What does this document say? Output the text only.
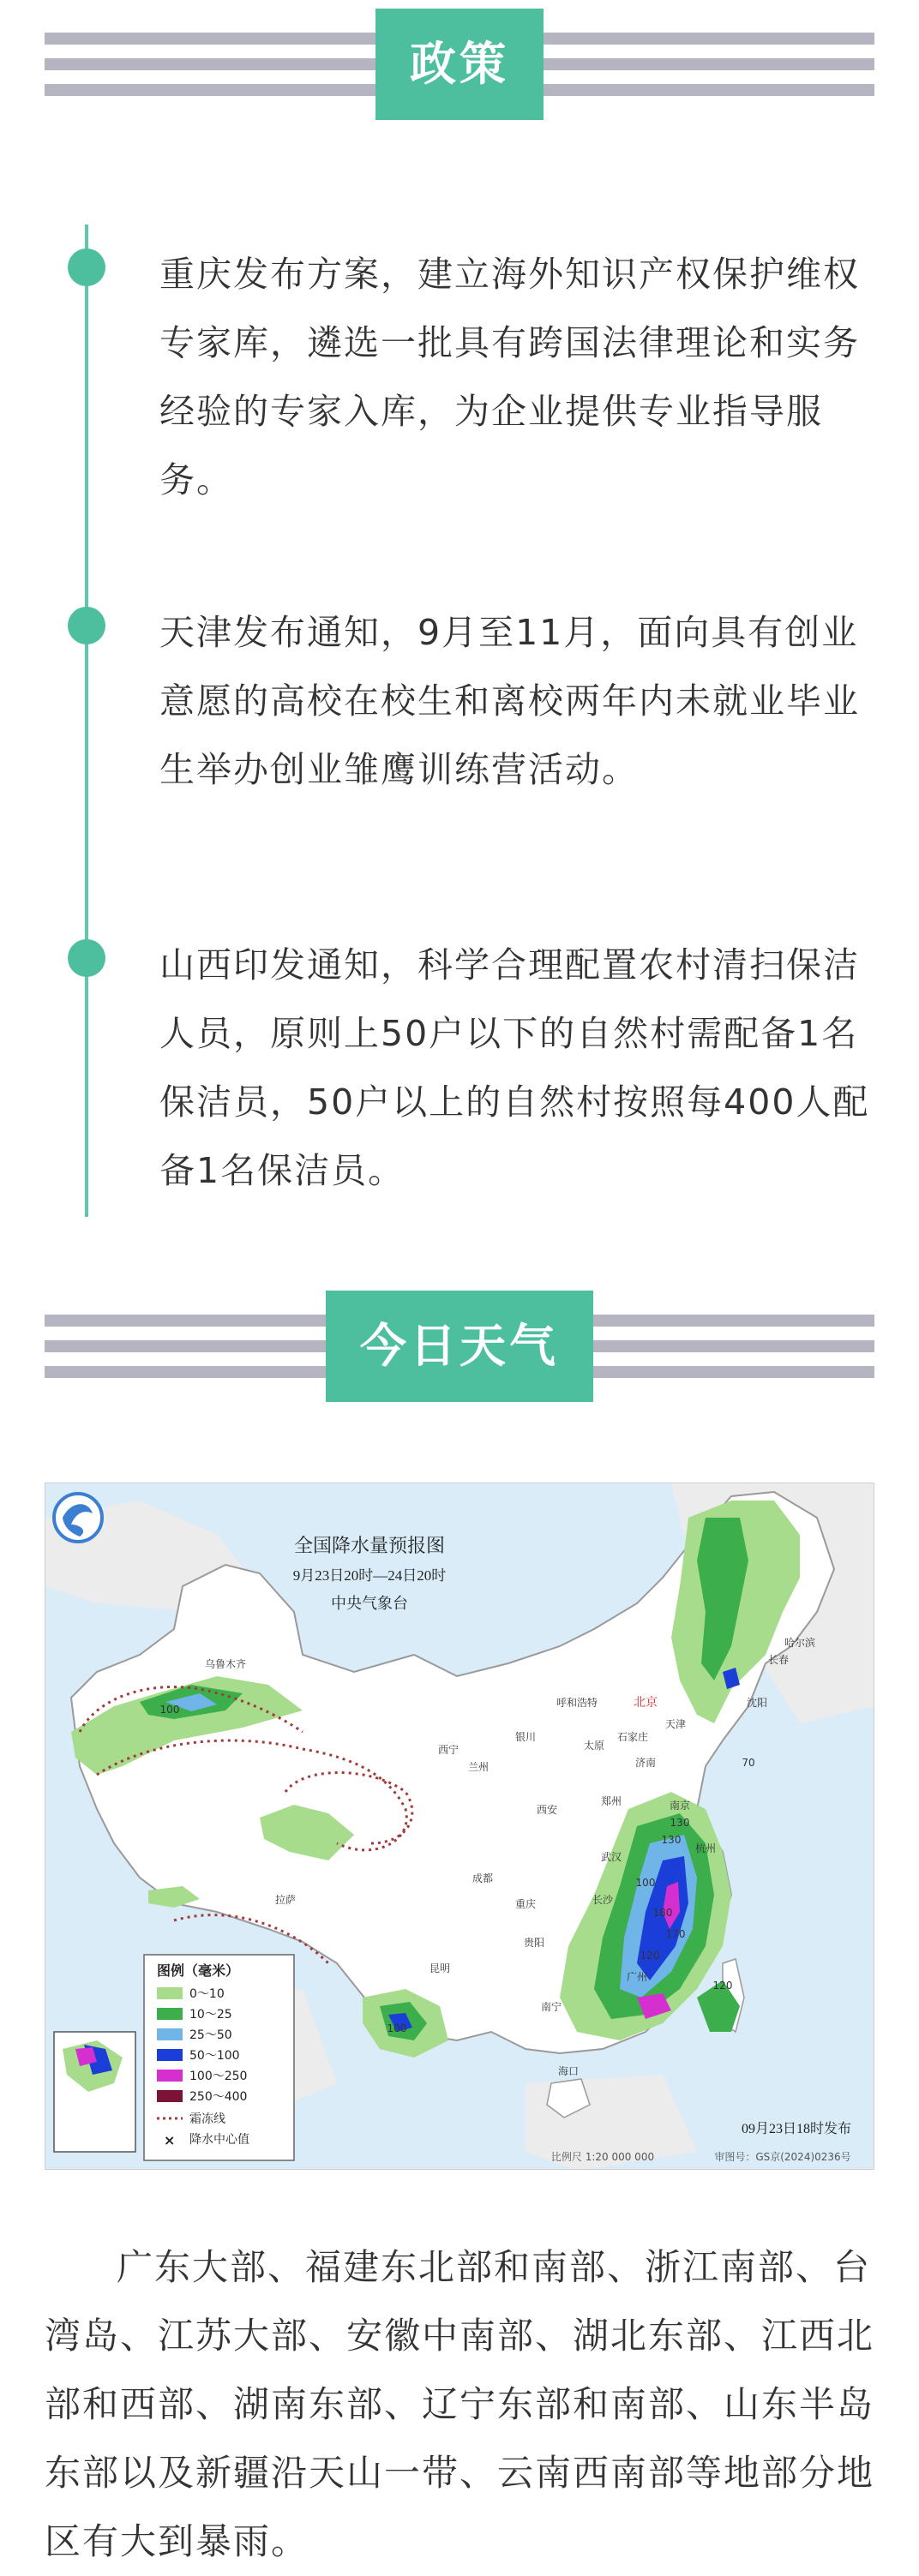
政策

重庆发布方案，建立海外知识产权保护维权专家库，遴选一批具有跨国法律理论和实务经验的专家入库，为企业提供专业指导服务。

天津发布通知，9月至11月，面向具有创业意愿的高校在校生和离校两年内未就业毕业生举办创业雏鹰训练营活动。

山西印发通知，科学合理配置农村清扫保洁人员，原则上50户以下的自然村需配备1名保洁员，50户以上的自然村按照每400人配备1名保洁员。

今日天气
全国降水量预报图
9月23日20时—24日20时
中央气象台
北京
哈尔滨
长春
沈阳
呼和浩特
天津
石家庄
太原
济南
郑州
西安
兰州
西宁
银川
拉萨
成都
重庆
武汉
长沙
南京
杭州
贵阳
昆明
南宁
乌鲁木齐
广州
海口
70
130
130
100
180
170
120
120
100
100
图例（毫米）
0～10
10～25
25～50
50～100
100～250
250～400
霜冻线
× 降水中心值
09月23日18时发布
比例尺 1:20 000 000	审图号：GS京(2024)0236号

广东大部、福建东北部和南部、浙江南部、台湾岛、江苏大部、安徽中南部、湖北东部、江西北部和西部、湖南东部、辽宁东部和南部、山东半岛东部以及新疆沿天山一带、云南西南部等地部分地区有大到暴雨。
